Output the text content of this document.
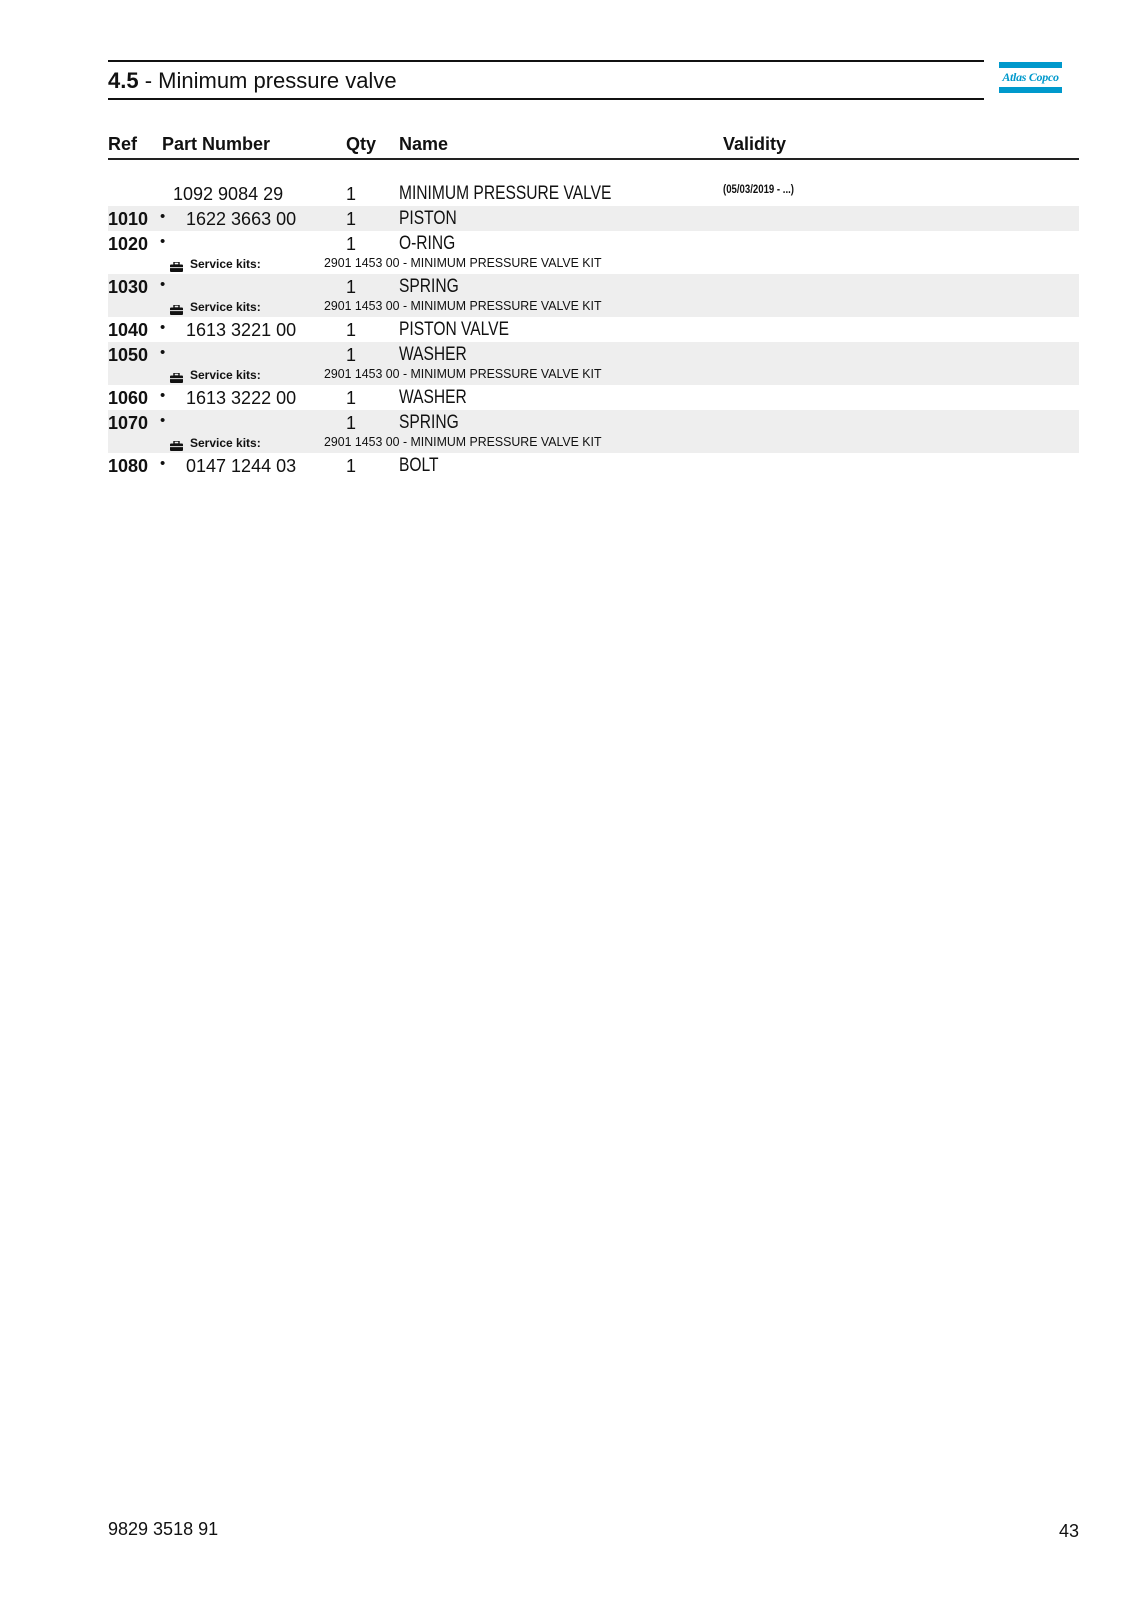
4.5 - Minimum pressure valve	Atlas Copco
Ref Part Number	Qty Name	Validity
1092 9084 29	1 MINIMUM PRESSURE VALVE	(05/03/2019 - ...)
1010 • 1622 3663 00	1 PISTON
1020 •	1 O-RING
Service kits:	2901 1453 00 - MINIMUM PRESSURE VALVE KIT
1030 •	1 SPRING
Service kits:	2901 1453 00 - MINIMUM PRESSURE VALVE KIT
1040 • 1613 3221 00	1 PISTON VALVE
1050 •	1 WASHER
Service kits:	2901 1453 00 - MINIMUM PRESSURE VALVE KIT
1060 • 1613 3222 00	1 WASHER
1070 •	1 SPRING
Service kits:	2901 1453 00 - MINIMUM PRESSURE VALVE KIT
1080 • 0147 1244 03	1 BOLT
9829 3518 91	43
